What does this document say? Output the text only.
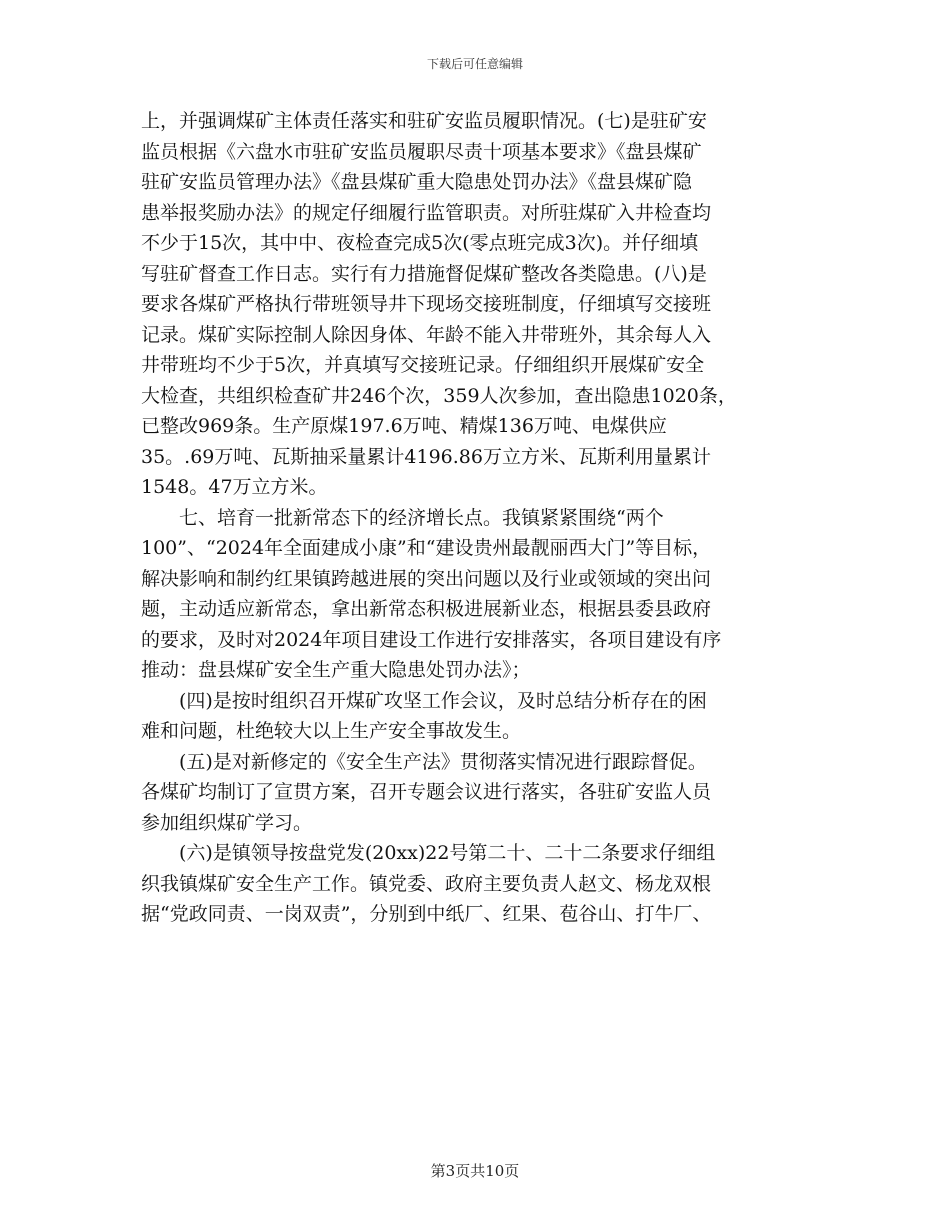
下载后可任意编辑

上，并强调煤矿主体责任落实和驻矿安监员履职情况。(七)是驻矿安
监员根据《六盘水市驻矿安监员履职尽责十项基本要求》《盘县煤矿
驻矿安监员管理办法》《盘县煤矿重大隐患处罚办法》《盘县煤矿隐
患举报奖励办法》的规定仔细履行监管职责。对所驻煤矿入井检查均
不少于15次，其中中、夜检查完成5次(零点班完成3次)。并仔细填
写驻矿督查工作日志。实行有力措施督促煤矿整改各类隐患。(八)是
要求各煤矿严格执行带班领导井下现场交接班制度，仔细填写交接班
记录。煤矿实际控制人除因身体、年龄不能入井带班外，其余每人入
井带班均不少于5次，并真填写交接班记录。仔细组织开展煤矿安全
大检查，共组织检查矿井246个次，359人次参加，查出隐患1020条，
已整改969条。生产原煤197.6万吨、精煤136万吨、电煤供应
35。.69万吨、瓦斯抽采量累计4196.86万立方米、瓦斯利用量累计
1548。47万立方米。

七、培育一批新常态下的经济增长点。我镇紧紧围绕“两个
100”、“2024年全面建成小康”和“建设贵州最靓丽西大门”等目标，
解决影响和制约红果镇跨越进展的突出问题以及行业或领域的突出问
题，主动适应新常态，拿出新常态积极进展新业态，根据县委县政府
的要求，及时对2024年项目建设工作进行安排落实，各项目建设有序
推动：盘县煤矿安全生产重大隐患处罚办法》；

(四)是按时组织召开煤矿攻坚工作会议，及时总结分析存在的困
难和问题，杜绝较大以上生产安全事故发生。

(五)是对新修定的《安全生产法》贯彻落实情况进行跟踪督促。
各煤矿均制订了宣贯方案，召开专题会议进行落实，各驻矿安监人员
参加组织煤矿学习。

(六)是镇领导按盘党发(20xx)22号第二十、二十二条要求仔细组
织我镇煤矿安全生产工作。镇党委、政府主要负责人赵文、杨龙双根
据“党政同责、一岗双责”，分别到中纸厂、红果、苞谷山、打牛厂、

第3页共10页
